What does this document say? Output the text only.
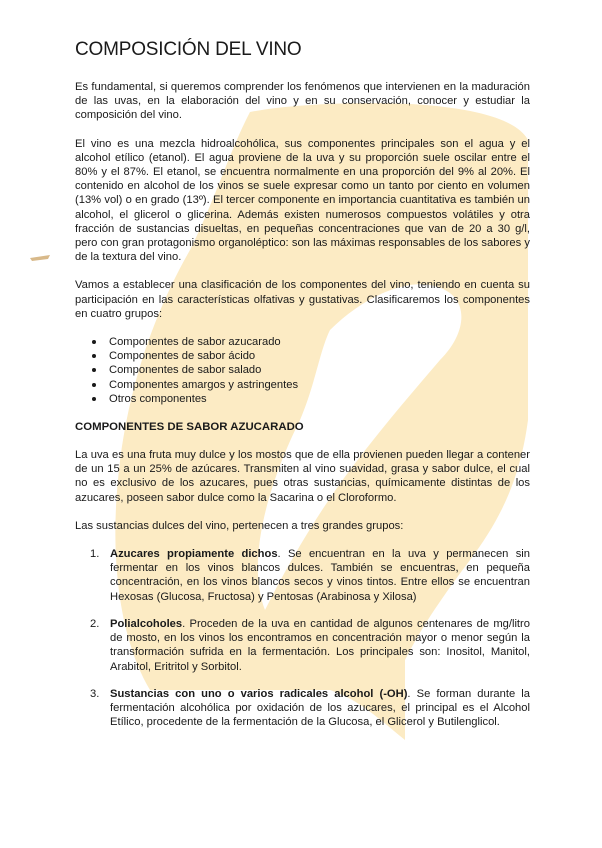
COMPOSICIÓN DEL VINO

Es fundamental, si queremos comprender los fenómenos que intervienen en la maduración de las uvas, en la elaboración del vino y en su conservación, conocer y estudiar la composición del vino.

El vino es una mezcla hidroalcohólica, sus componentes principales son el agua y el alcohol etílico (etanol). El agua proviene de la uva y su proporción suele oscilar entre el 80% y el 87%. El etanol, se encuentra normalmente en una proporción del 9% al 20%. El contenido en alcohol de los vinos se suele expresar como un tanto por ciento en volumen (13% vol) o en grado (13º). El tercer componente en importancia cuantitativa es también un alcohol, el glicerol o glicerina. Además existen numerosos compuestos volátiles y otra fracción de sustancias disueltas, en pequeñas concentraciones que van de 20 a 30 g/l, pero con gran protagonismo organoléptico: son las máximas responsables de los sabores y de la textura del vino.

Vamos a establecer una clasificación de los componentes del vino, teniendo en cuenta su participación en las características olfativas y gustativas. Clasificaremos los componentes en cuatro grupos:

Componentes de sabor azucarado
Componentes de sabor ácido
Componentes de sabor salado
Componentes amargos y astringentes
Otros componentes
COMPONENTES DE SABOR AZUCARADO

La uva es una fruta muy dulce y los mostos que de ella provienen pueden llegar a contener de un 15 a un 25% de azúcares. Transmiten al vino suavidad, grasa y sabor dulce, el cual no es exclusivo de los azucares, pues otras sustancias, químicamente distintas de los azucares, poseen sabor dulce como la Sacarina o el Cloroformo.

Las sustancias dulces del vino, pertenecen a tres grandes grupos:

1. Azucares propiamente dichos. Se encuentran en la uva y permanecen sin fermentar en los vinos blancos dulces. También se encuentras, en pequeña concentración, en los vinos blancos secos y vinos tintos. Entre ellos se encuentran Hexosas (Glucosa, Fructosa) y Pentosas (Arabinosa y Xilosa)
2. Polialcoholes. Proceden de la uva en cantidad de algunos centenares de mg/litro de mosto, en los vinos los encontramos en concentración mayor o menor según la transformación sufrida en la fermentación. Los principales son: Inositol, Manitol, Arabitol, Eritritol y Sorbitol.
3. Sustancias con uno o varios radicales alcohol (-OH). Se forman durante la fermentación alcohólica por oxidación de los azucares, el principal es el Alcohol Etílico, procedente de la fermentación de la Glucosa, el Glicerol y Butilenglicol.
